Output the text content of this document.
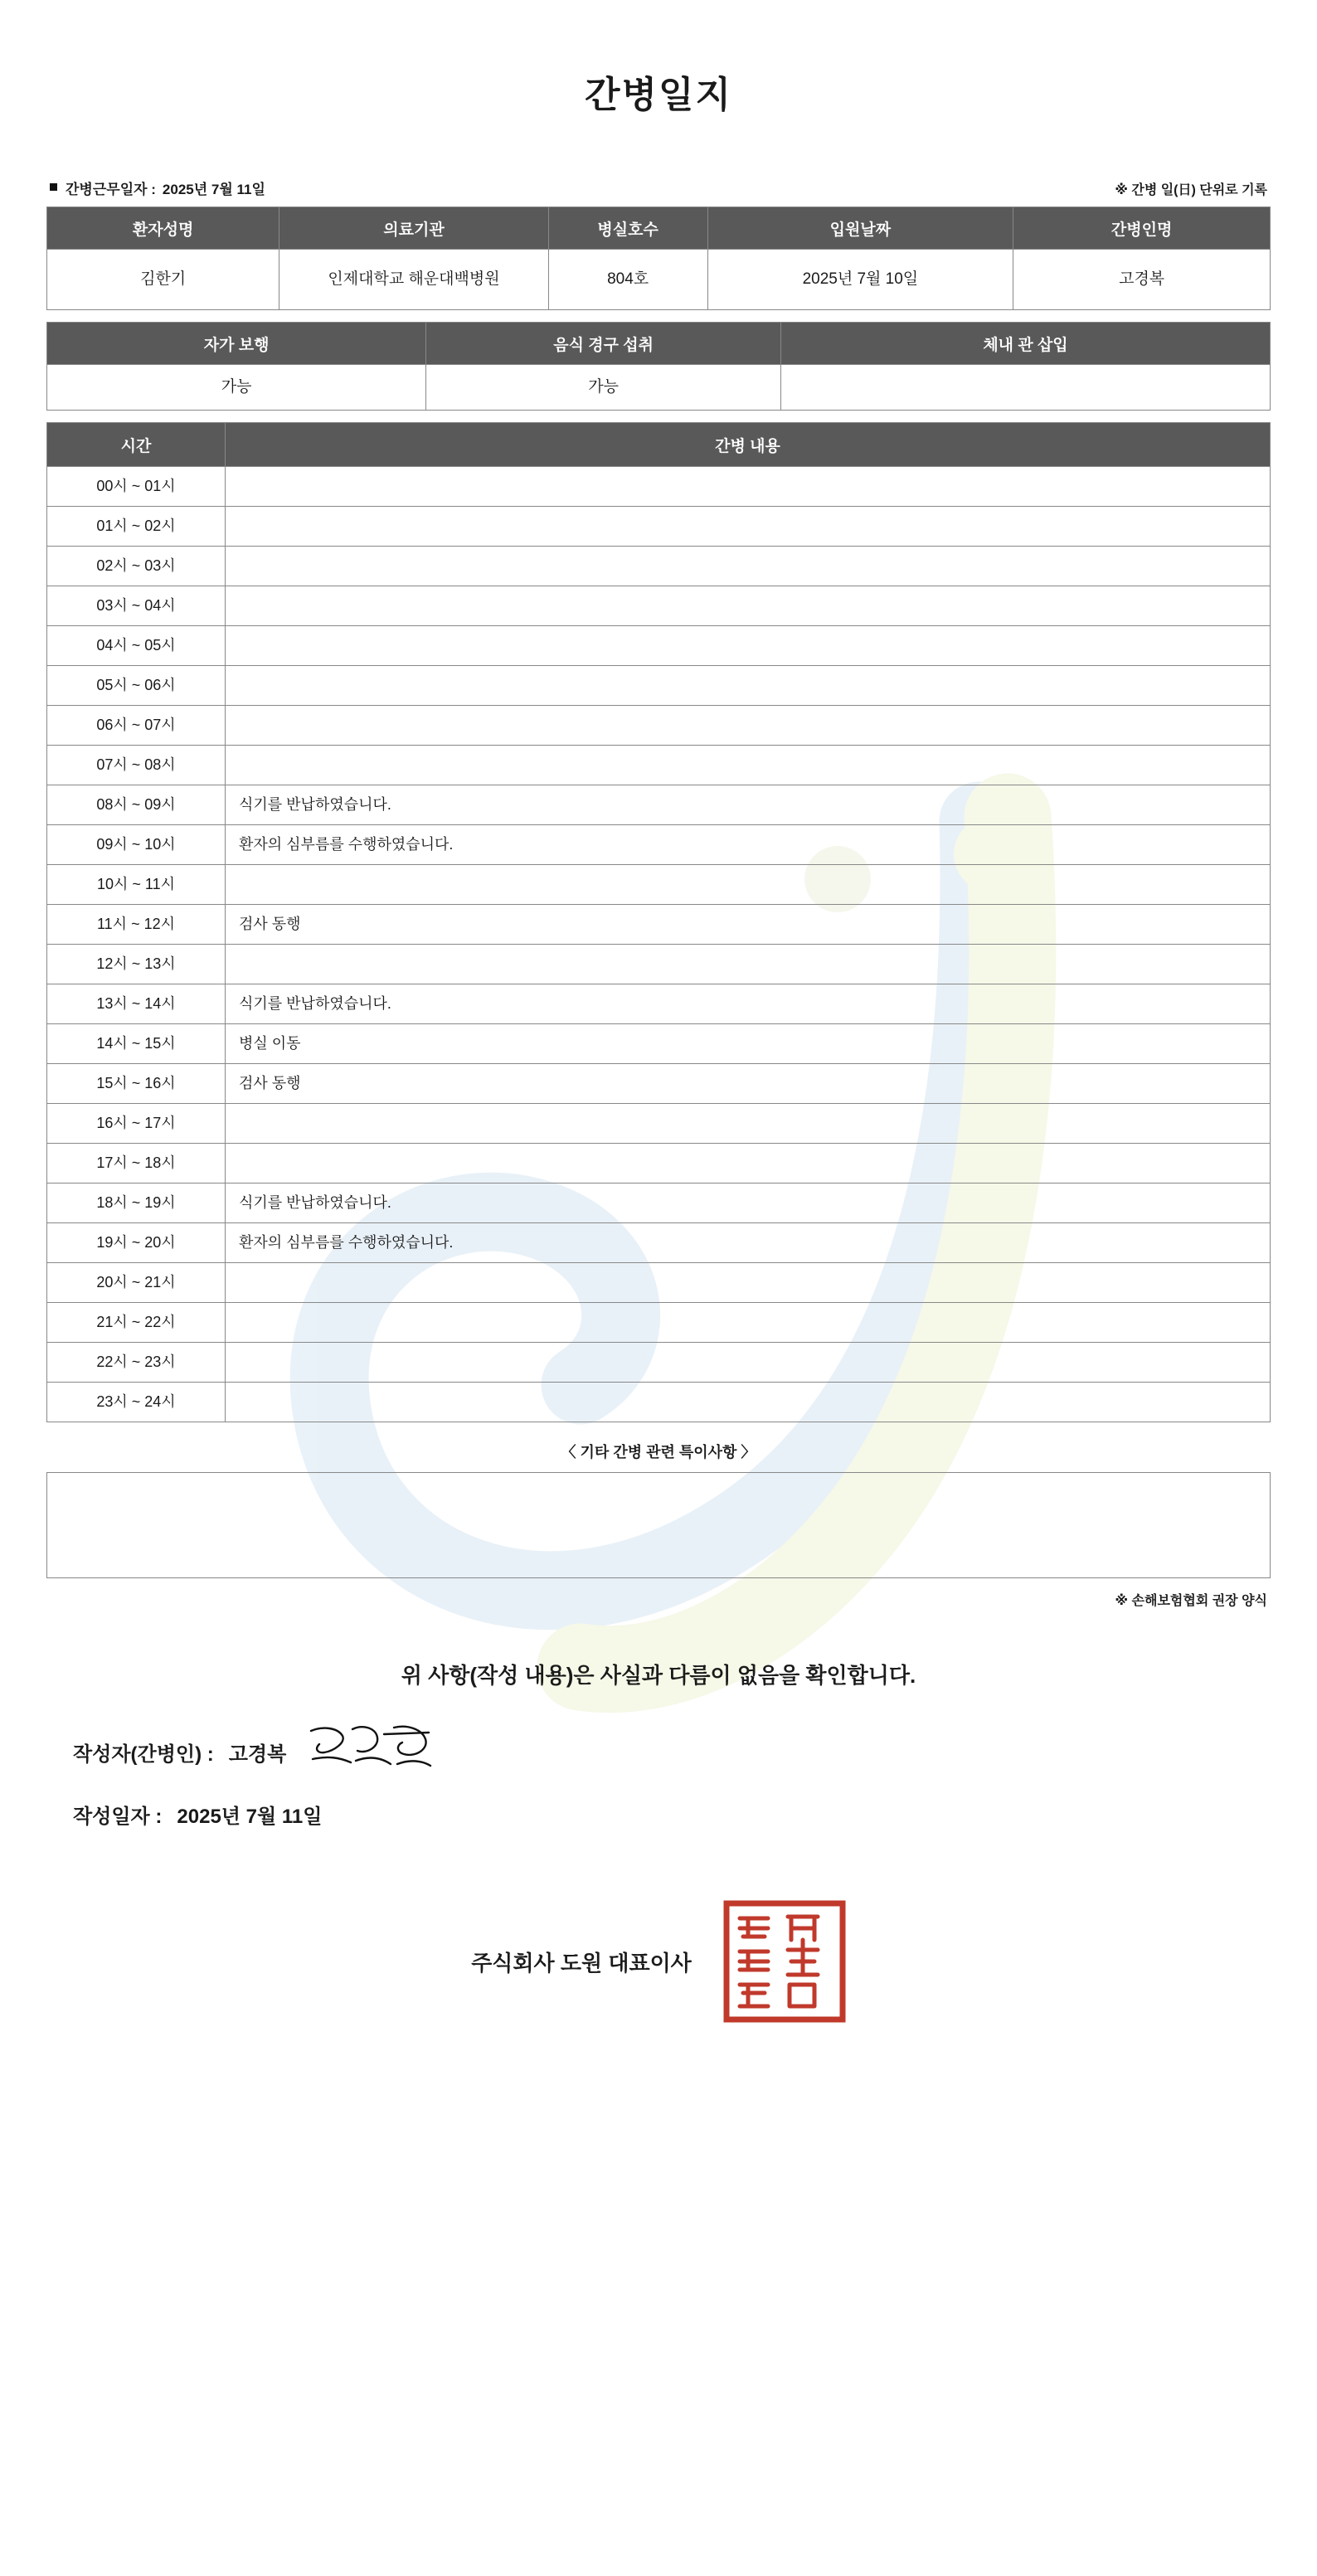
간병일지
간병근무일자 : 2025년 7월 11일	※ 간병 일(日) 단위로 기록
환자성명	의료기관	병실호수	입원날짜	간병인명
김한기	인제대학교 해운대백병원	804호	2025년 7월 10일	고경복
자가 보행	음식 경구 섭취	체내 관 삽입
가능	가능	
시간	간병 내용
00시 ~ 01시	
01시 ~ 02시	
02시 ~ 03시	
03시 ~ 04시	
04시 ~ 05시	
05시 ~ 06시	
06시 ~ 07시	
07시 ~ 08시	
08시 ~ 09시	식기를 반납하였습니다.
09시 ~ 10시	환자의 심부름를 수행하였습니다.
10시 ~ 11시	
11시 ~ 12시	검사 동행
12시 ~ 13시	
13시 ~ 14시	식기를 반납하였습니다.
14시 ~ 15시	병실 이동
15시 ~ 16시	검사 동행
16시 ~ 17시	
17시 ~ 18시	
18시 ~ 19시	식기를 반납하였습니다.
19시 ~ 20시	환자의 심부름를 수행하였습니다.
20시 ~ 21시	
21시 ~ 22시	
22시 ~ 23시	
23시 ~ 24시	
〈 기타 간병 관련 특이사항 〉
※ 손해보험협회 권장 양식
위 사항(작성 내용)은 사실과 다름이 없음을 확인합니다.
작성자(간병인) : 고경복
작성일자 : 2025년 7월 11일
주식회사 도원 대표이사
